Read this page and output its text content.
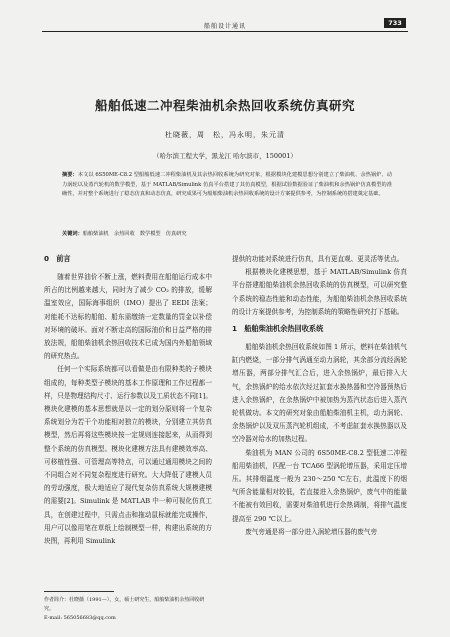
船舶设计通讯	733
船舶低速二冲程柴油机余热回收系统仿真研究
杜晓薇，周　松，冯永明，朱元清
（哈尔滨工程大学，黑龙江 哈尔滨市，150001）
摘要：本文以 6S50ME-C8.2 型船舶低速二冲程柴油机及其余热回收系统为研究对象，根据模块化建模思想分别建立了柴油机、余热锅炉、动力涡轮以及蒸汽轮机的数学模型，基于 MATLAB/Simulink 仿真平台搭建了其仿真模型，根据试验数据验证了柴油机和余热锅炉仿真模型的准确性，并对整个系统进行了稳态仿真和动态仿真，研究成果可为船舶柴油机余热回收系统的设计方案提供参考，为控制系统的搭建奠定基础。
关键词：船舶柴油机　余热回收　数学模型　仿真研究
0　前言

随着世界油价不断上涨，燃料费用在船舶运行成本中所占的比例越来越大，同时为了减少 CO₂ 的排放，缓解温室效应，国际海事组织（IMO）提出了 EEDI 法案；对能耗不达标的船舶、船东需缴纳一定数量的罚金以补偿对环境的破坏。面对不断走高的国际油价和日益严格的排放法规，船舶柴油机余热回收技术已成为国内外船舶领域的研究热点。

任何一个实际系统都可以看做是由有限种类的子模块组成的，每种类型子模块的基本工作原理和工作过程都一样，只是物理结构尺寸、运行参数以及工质状态不同[1]。模块化建模的基本思想就是以一定的划分原则将一个复杂系统划分为若干个功能相对独立的模块，分别建立其仿真模型，然后再将这些模块按一定规则连接起来，从而得到整个系统的仿真模型。模块化建模方法具有建模效率高、可移植性强、可管理高等特点，可以通过通用模块之间的不同组合对不同复杂程度进行研究。大大降低了建模人员的劳动强度，极大地适应了现代复杂仿真系统大规模建模的需要[2]。Simulink 是 MATLAB 中一种可视化仿真工具，在创建过程中，只需点击和拖动鼠标就能完成操作，用户可以像用笔在草纸上绘制模型一样，构建出系统的方块图，再利用 Simulink

提供的功能对系统进行仿真，具有更直观、更灵活等优点。

根据模块化建模思想，基于 MATLAB/Simulink 仿真平台搭建船舶柴油机余热回收系统的仿真模型，可以研究整个系统的稳态性能和动态性能，为船舶柴油机余热回收系统的设计方案提供参考，为控制系统的策略性研究打下基础。

1　船舶柴油机余热回收系统

船舶柴油机余热回收系统如图 1 所示，燃料在柴油机气缸内燃烧，一部分排气涡通至动力涡轮，其余部分流经涡轮增压器，两部分排气汇合后，进入余热锅炉，最后排入大气，余热锅炉的给水依次经过缸套水换热器和空冷器预热后进入余热锅炉，在余热锅炉中被加热为蒸汽状态后进入蒸汽轮机做功。本文的研究对象由船舶柴油机主机，动力涡轮、余热锅炉以及双压蒸汽轮机组成，不考虑缸套水换热器以及空冷器对给水的加热过程。

柴油机为 MAN 公司的 6S50ME-C8.2 型低速二冲程船用柴油机，匹配一台 TCA66 型涡轮增压器，采用定压增压。其排烟温度一般为 230～250 ℃左右，此温度下的烟气所含能量相对较低，若直接进入余热锅炉，废气中的能量不能被有效回收，需要对柴油机进行余热调制，将排气温度提高至 290 ℃以上。

废气旁通是将一部分进入涡轮增压器的废气旁

作者简介：杜晓薇（1991—），女，硕士研究生，船舶柴油机余热回收研究。
E-mail: 565056683@qq.com
